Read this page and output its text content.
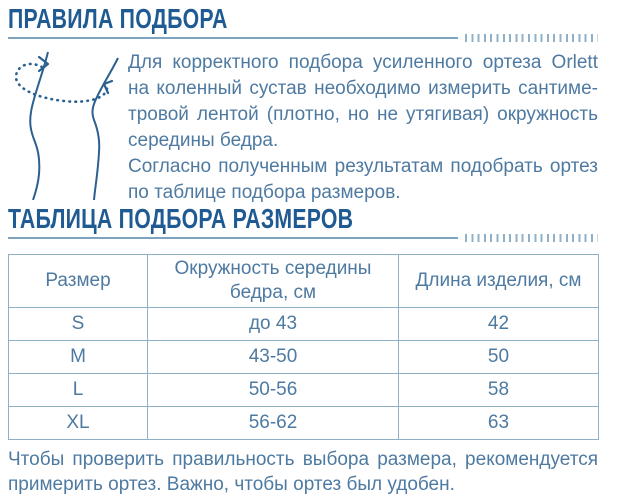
ПРАВИЛА ПОДБОРА

Для корректного подбора усиленного ортеза Orlett на коленный сустав необходимо измерить сантиметровой лентой (плотно, но не утягивая) окружность середины бедра.

Согласно полученным результатам подобрать ортез по таблице подбора размеров.

ТАБЛИЦА ПОДБОРА РАЗМЕРОВ
Размер	Окружность середины бедра, см	Длина изделия, см
S	до 43	42
M	43-50	50
L	50-56	58
XL	56-62	63

Чтобы проверить правильность выбора размера, рекомендуется примерить ортез. Важно, чтобы ортез был удобен.
